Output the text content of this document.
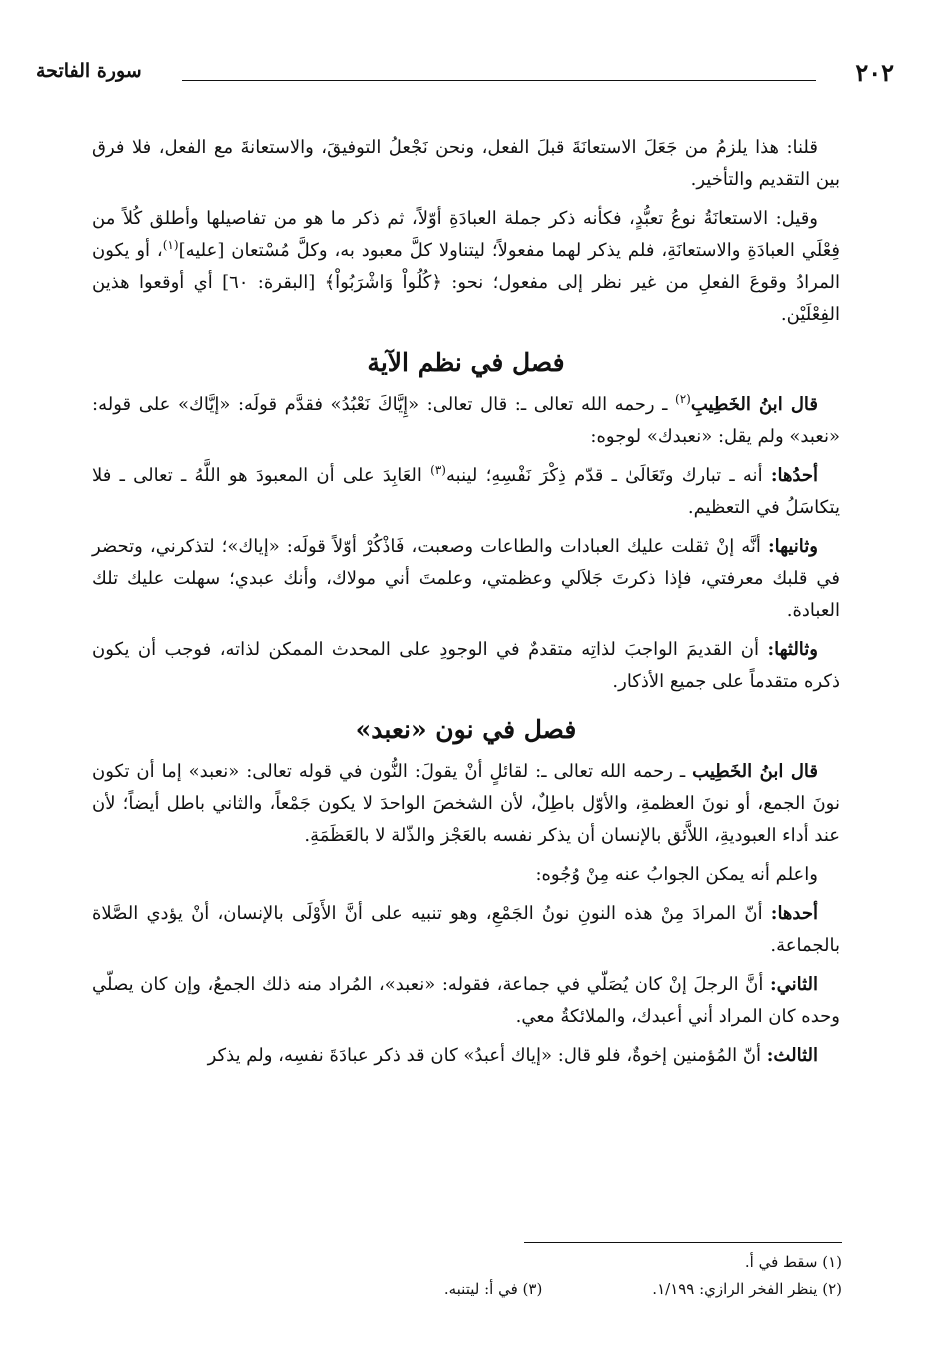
٢٠٢
سورة الفاتحة

قلنا: هذا يلزمُ من جَعَلَ الاستعانَةَ قبلَ الفعل، ونحن نَجْعلُ التوفيقَ، والاستعانةَ مع الفعل، فلا فرق بين التقديم والتأخير.

وقيل: الاستعانَةُ نوعُ تعبُّدٍ، فكأنه ذكر جملة العبادَةِ أوّلاً، ثم ذكر ما هو من تفاصيلها وأطلق كُلاً من فِعْلَي العبادَةِ والاستعانَةِ، فلم يذكر لهما مفعولاً؛ ليتناولا كلَّ معبود به، وكلَّ مُسْتعان [عليه]$^{(١)}$، أو يكون المرادُ وقوعَ الفعلِ من غير نظر إلى مفعول؛ نحو: ﴿كُلُواْ وَاشْرَبُواْ﴾ [البقرة: ٦٠] أي أوقعوا هذين الفِعْلَيْن.

فصل في نظم الآية

قال ابنُ الخَطِيبِ$^{(٢)}$ ـ رحمه الله تعالى ـ: قال تعالى: «إِيَّاكَ نَعْبُدُ» فقدَّم قولَه: «إيَّاك» على قوله: «نعبد» ولم يقل: «نعبدك» لوجوه:

أحدُها: أنه ـ تبارك وتَعَالَىٰ ـ قدّم ذِكْرَ نَفْسِهِ؛ لينبه$^{(٣)}$ العَابِدَ على أن المعبودَ هو اللَّهُ ـ تعالى ـ فلا يتكاسَلُ في التعظيم.

وثانيها: أنَّه إنْ ثقلت عليك العبادات والطاعات وصعبت، فَاذْكُرْ أوّلاً قولَه: «إياك»؛ لتذكرني، وتحضر في قلبك معرفتي، فإذا ذكرتَ جَلاَلي وعظمتي، وعلمتَ أني مولاك، وأنك عبدي؛ سهلت عليك تلك العبادة.

وثالثها: أن القديمَ الواجبَ لذاتِه متقدمٌ في الوجودِ على المحدث الممكن لذاته، فوجب أن يكون ذكره متقدماً على جميع الأذكار.

فصل في نون «نعبد»

قال ابنُ الخَطِيب ـ رحمه الله تعالى ـ: لقائلٍ أنْ يقولَ: النُّون في قوله تعالى: «نعبد» إما أن تكون نونَ الجمع، أو نونَ العظمةِ، والأوّل باطِلٌ، لأن الشخصَ الواحدَ لا يكون جَمْعاً، والثاني باطل أيضاً؛ لأن عند أداء العبوديةِ، اللاَّئق بالإنسان أن يذكر نفسه بالعَجْز والذّلة لا بالعَظَمَةِ.

واعلم أنه يمكن الجوابُ عنه مِنْ وُجُوه:

أحدها: أنّ المرادَ مِنْ هذه النونِ نونُ الجَمْعِ، وهو تنبيه على أنَّ الأَوْلَى بالإنسان، أنْ يؤدي الصَّلاة بالجماعة.

الثاني: أنَّ الرجلَ إنْ كان يُصَلّي في جماعة، فقوله: «نعبد»، المُراد منه ذلك الجمعُ، وإن كان يصلّي وحده كان المراد أني أعبدك، والملائكةُ معي.

الثالث: أنّ المُؤمنين إخوةٌ، فلو قال: «إياك أعبدُ» كان قد ذكر عبادَةَ نفسِه، ولم يذكر

(١) سقط في أ.
(٢) ينظر الفخر الرازي: ١/١٩٩.
(٣) في أ: ليتنبه.
